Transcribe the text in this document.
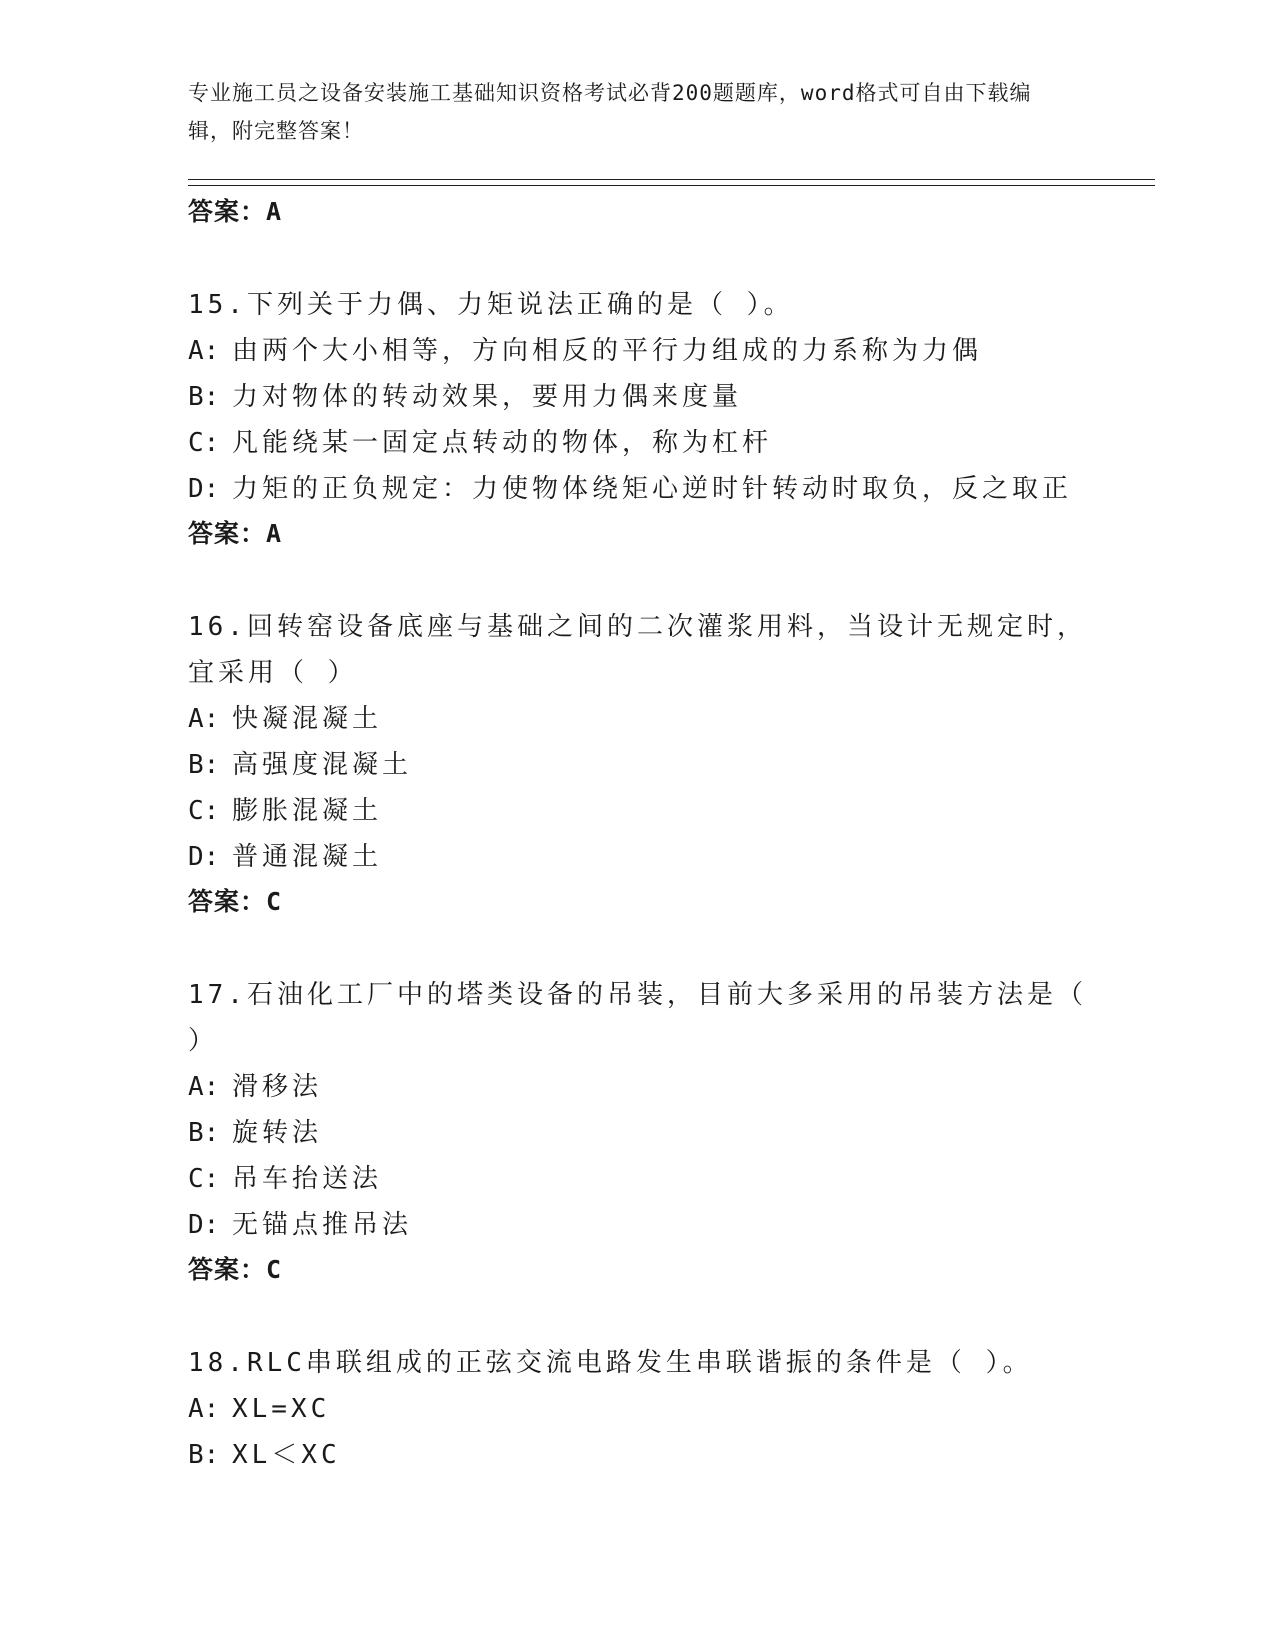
专业施工员之设备安装施工基础知识资格考试必背200题题库，word格式可自由下载编辑，附完整答案！
答案：A
15.下列关于力偶、力矩说法正确的是（ ）。
A: 由两个大小相等，方向相反的平行力组成的力系称为力偶
B: 力对物体的转动效果，要用力偶来度量
C: 凡能绕某一固定点转动的物体，称为杠杆
D: 力矩的正负规定：力使物体绕矩心逆时针转动时取负，反之取正
答案：A
16.回转窑设备底座与基础之间的二次灌浆用料，当设计无规定时，宜采用（ ）
A: 快凝混凝土
B: 高强度混凝土
C: 膨胀混凝土
D: 普通混凝土
答案：C
17.石油化工厂中的塔类设备的吊装，目前大多采用的吊装方法是（ ）
A: 滑移法
B: 旋转法
C: 吊车抬送法
D: 无锚点推吊法
答案：C
18.RLC串联组成的正弦交流电路发生串联谐振的条件是（ ）。
A: XL=XC
B: XL＜XC
